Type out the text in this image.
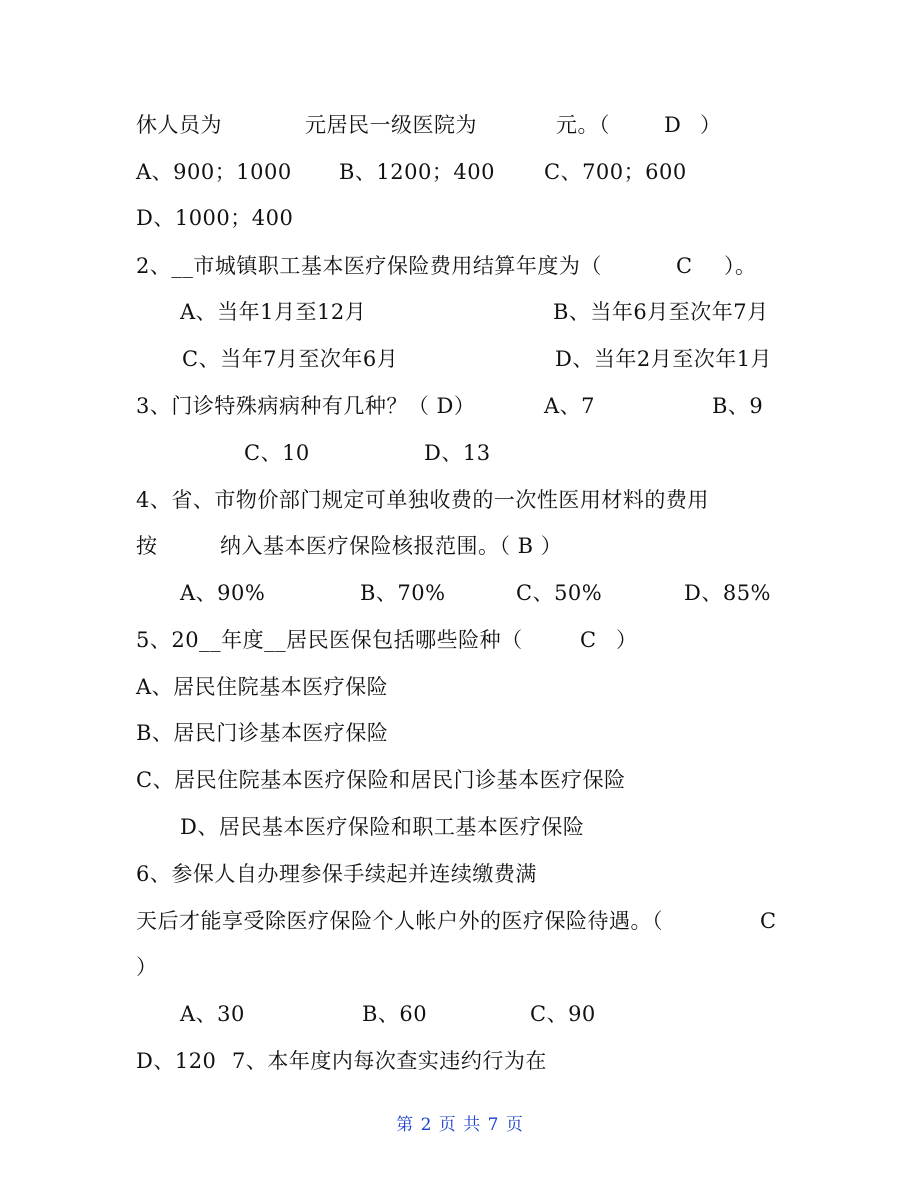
休人员为

	元居民一级医院为

	元。（

	D

）

A、900；1000

B、1200；400

C、700；600

D、1000；400

2、__市城镇职工基本医疗保险费用结算年度为（

	C

）。

A、当年1月至12月

	B、当年6月至次年7月

C、当年7月至次年6月

	D、当年2月至次年1月

3、门诊特殊病病种有几种？（ D）

	A、7

	B、9

C、10

	D、13

4、省、市物价部门规定可单独收费的一次性医用材料的费用

按

	纳入基本医疗保险核报范围。（ B ）

A、90%

	B、70%

	C、50%

	D、85%

5、20__年度__居民医保包括哪些险种（

	C

）

A、居民住院基本医疗保险

B、居民门诊基本医疗保险

C、居民住院基本医疗保险和居民门诊基本医疗保险

D、居民基本医疗保险和职工基本医疗保险

6、参保人自办理参保手续起并连续缴费满

天后才能享受除医疗保险个人帐户外的医疗保险待遇。（

	C

）

A、30

	B、60

	C、90

D、120

7、本年度内每次查实违约行为在

第 2 页 共 7 页
